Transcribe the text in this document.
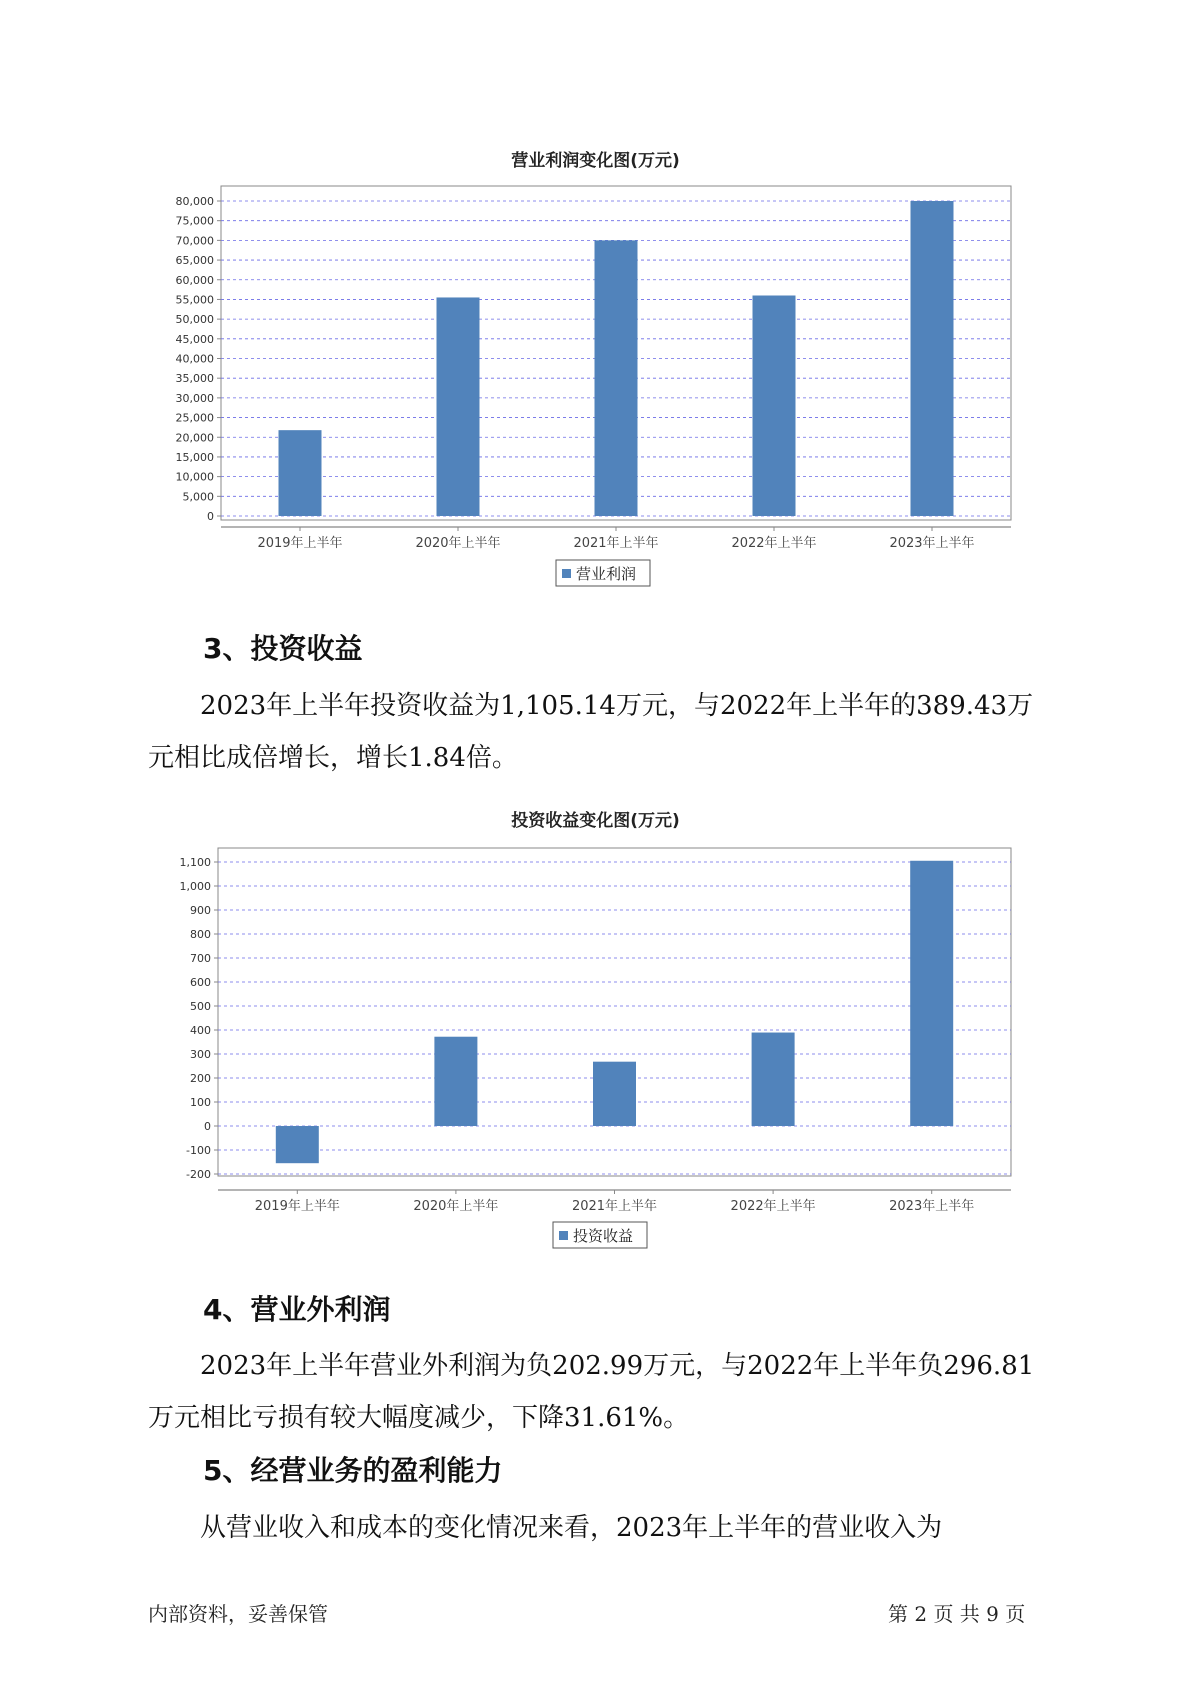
营业利润变化图(万元)
0
5,000
10,000
15,000
20,000
25,000
30,000
35,000
40,000
45,000
50,000
55,000
60,000
65,000
70,000
75,000
80,000
2019年上半年	2020年上半年	2021年上半年	2022年上半年	2023年上半年
营业利润
3、投资收益
2023年上半年投资收益为1,105.14万元，与2022年上半年的389.43万
元相比成倍增长，增长1.84倍。
投资收益变化图(万元)
-200
-100
0
100
200
300
400
500
600
700
800
900
1,000
1,100
2019年上半年	2020年上半年	2021年上半年	2022年上半年	2023年上半年
投资收益
4、营业外利润
2023年上半年营业外利润为负202.99万元，与2022年上半年负296.81
万元相比亏损有较大幅度减少，下降31.61%。
5、经营业务的盈利能力
从营业收入和成本的变化情况来看，2023年上半年的营业收入为
内部资料，妥善保管	第 2 页 共 9 页
